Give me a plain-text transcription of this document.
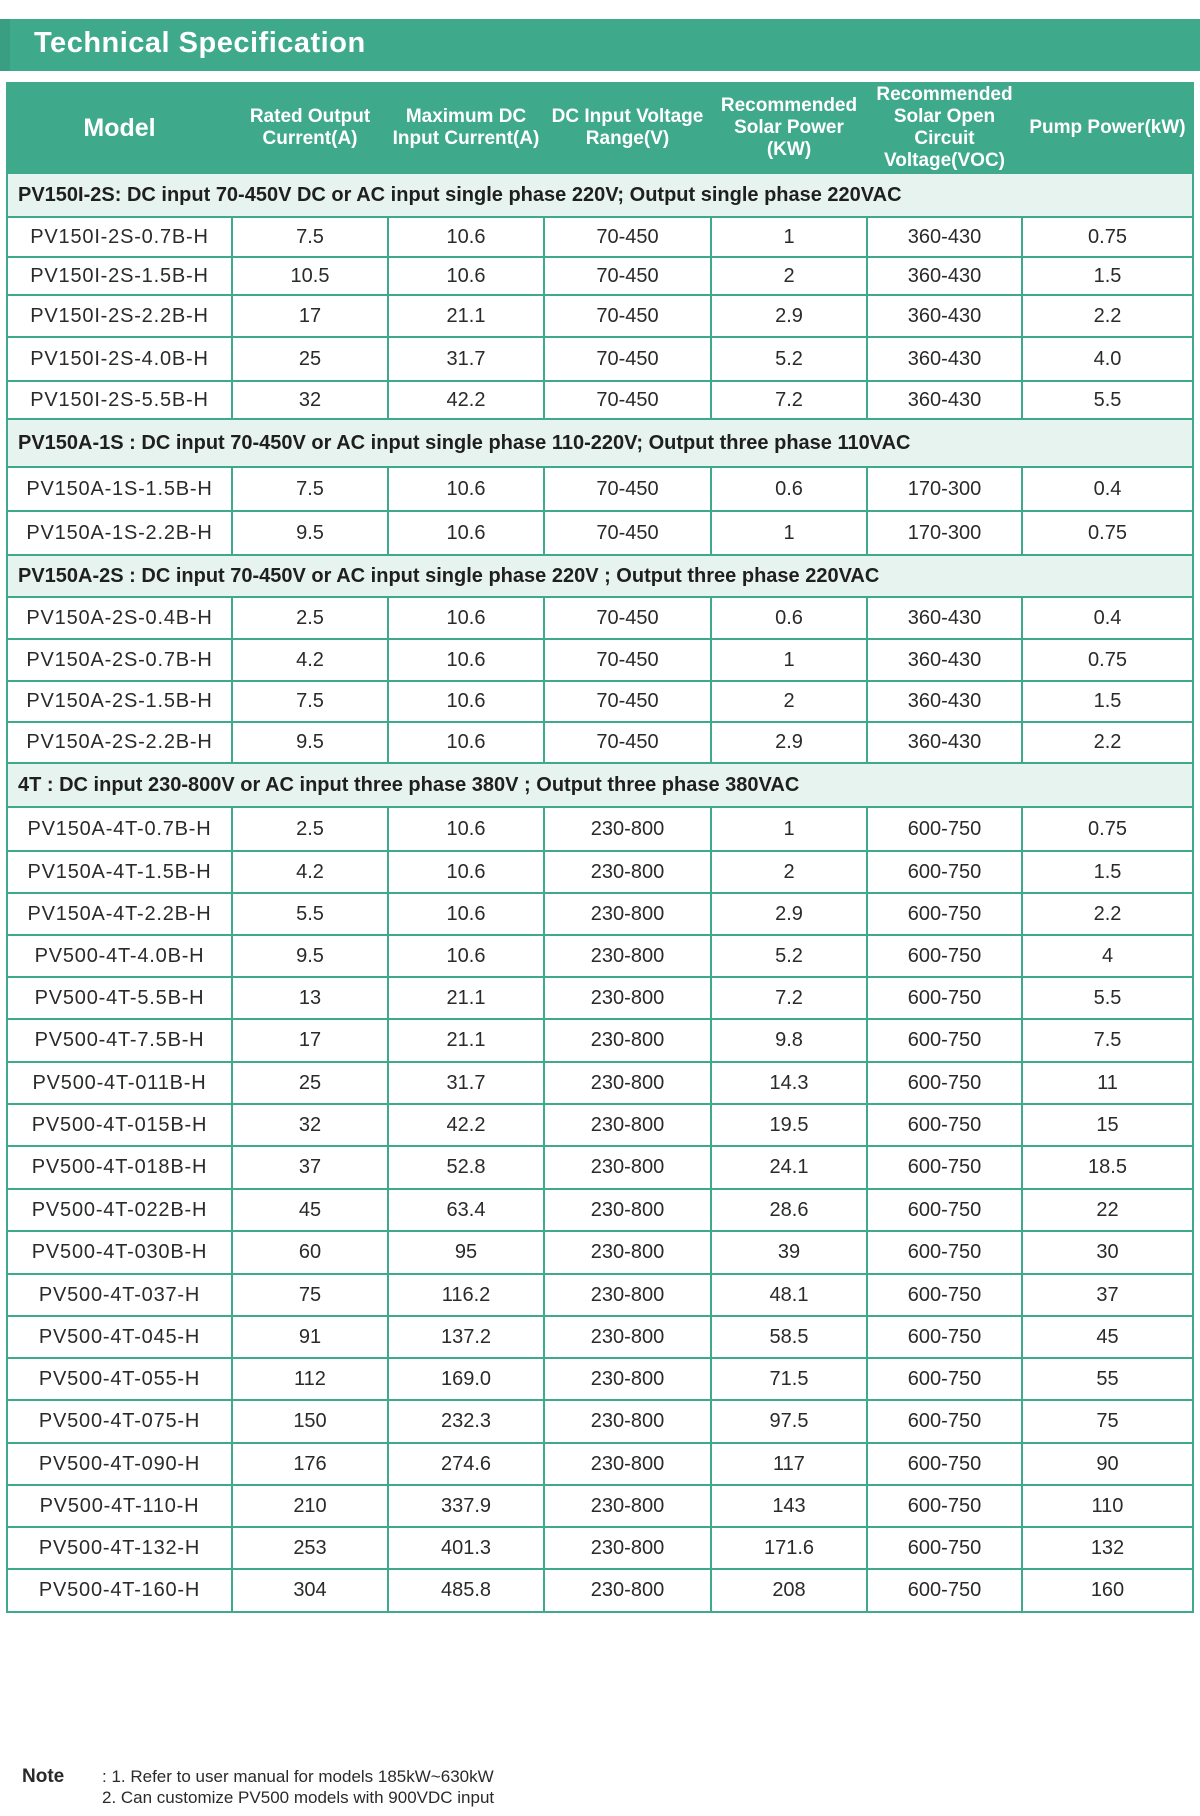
Technical Specification
Model	Rated Output Current(A)	Maximum DC Input Current(A)	DC Input Voltage Range(V)	Recommended Solar Power (KW)	Recommended Solar Open Circuit Voltage(VOC)	Pump Power(kW)
PV150I-2S: DC input 70-450V DC or AC input single phase 220V; Output single phase 220VAC						
PV150I-2S-0.7B-H	7.5	10.6	70-450	1	360-430	0.75
PV150I-2S-1.5B-H	10.5	10.6	70-450	2	360-430	1.5
PV150I-2S-2.2B-H	17	21.1	70-450	2.9	360-430	2.2
PV150I-2S-4.0B-H	25	31.7	70-450	5.2	360-430	4.0
PV150I-2S-5.5B-H	32	42.2	70-450	7.2	360-430	5.5
PV150A-1S : DC input 70-450V or AC input single phase 110-220V; Output three phase 110VAC						
PV150A-1S-1.5B-H	7.5	10.6	70-450	0.6	170-300	0.4
PV150A-1S-2.2B-H	9.5	10.6	70-450	1	170-300	0.75
PV150A-2S : DC input 70-450V or AC input single phase 220V ; Output three phase 220VAC						
PV150A-2S-0.4B-H	2.5	10.6	70-450	0.6	360-430	0.4
PV150A-2S-0.7B-H	4.2	10.6	70-450	1	360-430	0.75
PV150A-2S-1.5B-H	7.5	10.6	70-450	2	360-430	1.5
PV150A-2S-2.2B-H	9.5	10.6	70-450	2.9	360-430	2.2
4T : DC input 230-800V or AC input three phase 380V ; Output three phase 380VAC						
PV150A-4T-0.7B-H	2.5	10.6	230-800	1	600-750	0.75
PV150A-4T-1.5B-H	4.2	10.6	230-800	2	600-750	1.5
PV150A-4T-2.2B-H	5.5	10.6	230-800	2.9	600-750	2.2
PV500-4T-4.0B-H	9.5	10.6	230-800	5.2	600-750	4
PV500-4T-5.5B-H	13	21.1	230-800	7.2	600-750	5.5
PV500-4T-7.5B-H	17	21.1	230-800	9.8	600-750	7.5
PV500-4T-011B-H	25	31.7	230-800	14.3	600-750	11
PV500-4T-015B-H	32	42.2	230-800	19.5	600-750	15
PV500-4T-018B-H	37	52.8	230-800	24.1	600-750	18.5
PV500-4T-022B-H	45	63.4	230-800	28.6	600-750	22
PV500-4T-030B-H	60	95	230-800	39	600-750	30
PV500-4T-037-H	75	116.2	230-800	48.1	600-750	37
PV500-4T-045-H	91	137.2	230-800	58.5	600-750	45
PV500-4T-055-H	112	169.0	230-800	71.5	600-750	55
PV500-4T-075-H	150	232.3	230-800	97.5	600-750	75
PV500-4T-090-H	176	274.6	230-800	117	600-750	90
PV500-4T-110-H	210	337.9	230-800	143	600-750	110
PV500-4T-132-H	253	401.3	230-800	171.6	600-750	132
PV500-4T-160-H	304	485.8	230-800	208	600-750	160
Note : 1. Refer to user manual for models 185kW~630kW
2. Can customize PV500 models with 900VDC input
